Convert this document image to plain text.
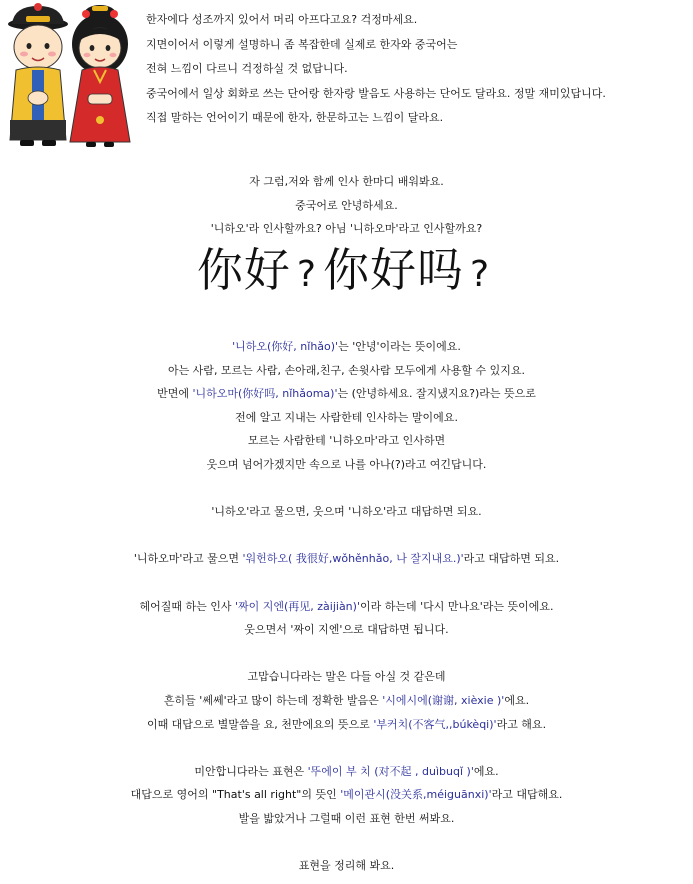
한자에다 성조까지 있어서 머리 아프다고요? 걱정마세요.

지면이어서 이렇게 설명하니 좀 복잡한데 실제로 한자와 중국어는

전혀 느낌이 다르니 걱정하실 것 없답니다.

중국어에서 일상 회화로 쓰는 단어랑 한자랑 발음도 사용하는 단어도 달라요. 정말 재미있답니다.

직접 말하는 언어이기 때문에 한자, 한문하고는 느낌이 달라요.

자 그럼,저와 함께 인사 한마디 배워봐요.

중국어로 안녕하세요.

'니하오'라 인사할까요? 아님 '니하오마'라고 인사할까요?

你好 ? 你好吗 ?

'니하오(你好, nǐhǎo)'는 '안녕'이라는 뜻이에요.

아는 사람, 모르는 사람, 손아래,친구, 손윗사람 모두에게 사용할 수 있지요.

반면에 '니하오마(你好吗, nǐhǎoma)'는 (안녕하세요. 잘지냈지요?)라는 뜻으로

전에 알고 지내는 사람한테 인사하는 말이에요.

모르는 사람한테 '니하오마'라고 인사하면

웃으며 넘어가겠지만 속으로 나를 아나(?)라고 여긴답니다.

'니하오'라고 물으면, 웃으며 '니하오'라고 대답하면 되요.

'니하오마'라고 물으면 '워헌하오( 我很好,wǒhěnhǎo, 나 잘지내요.)'라고 대답하면 되요.

헤어질때 하는 인사 '짜이 지엔(再见, zàijiàn)'이라 하는데 '다시 만나요'라는 뜻이에요.

웃으면서 '짜이 지엔'으로 대답하면 됩니다.

고맙습니다라는 말은 다들 아실 것 같은데

흔히들 '쎄쎄'라고 많이 하는데 정확한 발음은 '시에시에(谢谢, xièxie )'에요.

이때 대답으로 별말씀을 요, 천만에요의 뜻으로 '부커치(不客气,,búkèqi)'라고 해요.

미안합니다라는 표현은 '뚜에이 부 치 (对不起 , duìbuqǐ )'에요.

대답으로 영어의 "That's all right"의 뜻인 '메이관시(没关系,méiguānxi)'라고 대답해요.

발을 밟았거나 그럴때 이런 표현 한번 써봐요.

표현을 정리해 봐요.
